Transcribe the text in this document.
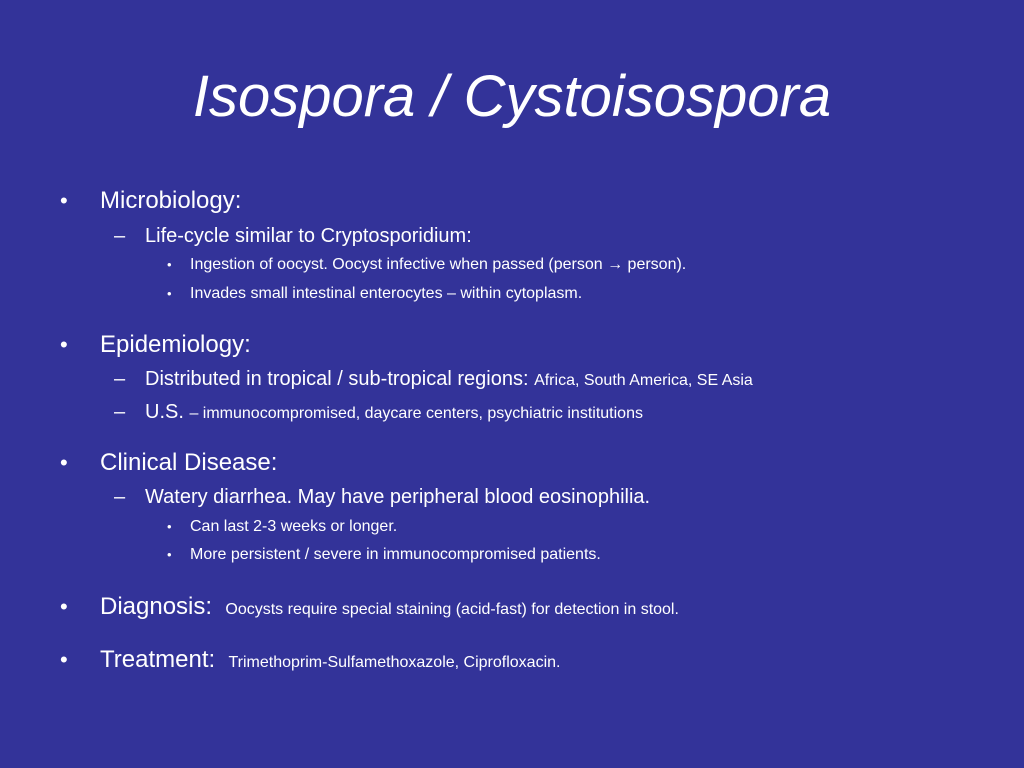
Isospora / Cystoisospora
• Microbiology:
– Life-cycle similar to Cryptosporidium:
• Ingestion of oocyst. Oocyst infective when passed (person → person).
• Invades small intestinal enterocytes – within cytoplasm.
• Epidemiology:
– Distributed in tropical / sub-tropical regions: Africa, South America, SE Asia
– U.S. – immunocompromised, daycare centers, psychiatric institutions
• Clinical Disease:
– Watery diarrhea. May have peripheral blood eosinophilia.
• Can last 2-3 weeks or longer.
• More persistent / severe in immunocompromised patients.
• Diagnosis:  Oocysts require special staining (acid-fast) for detection in stool.
• Treatment:  Trimethoprim-Sulfamethoxazole, Ciprofloxacin.
